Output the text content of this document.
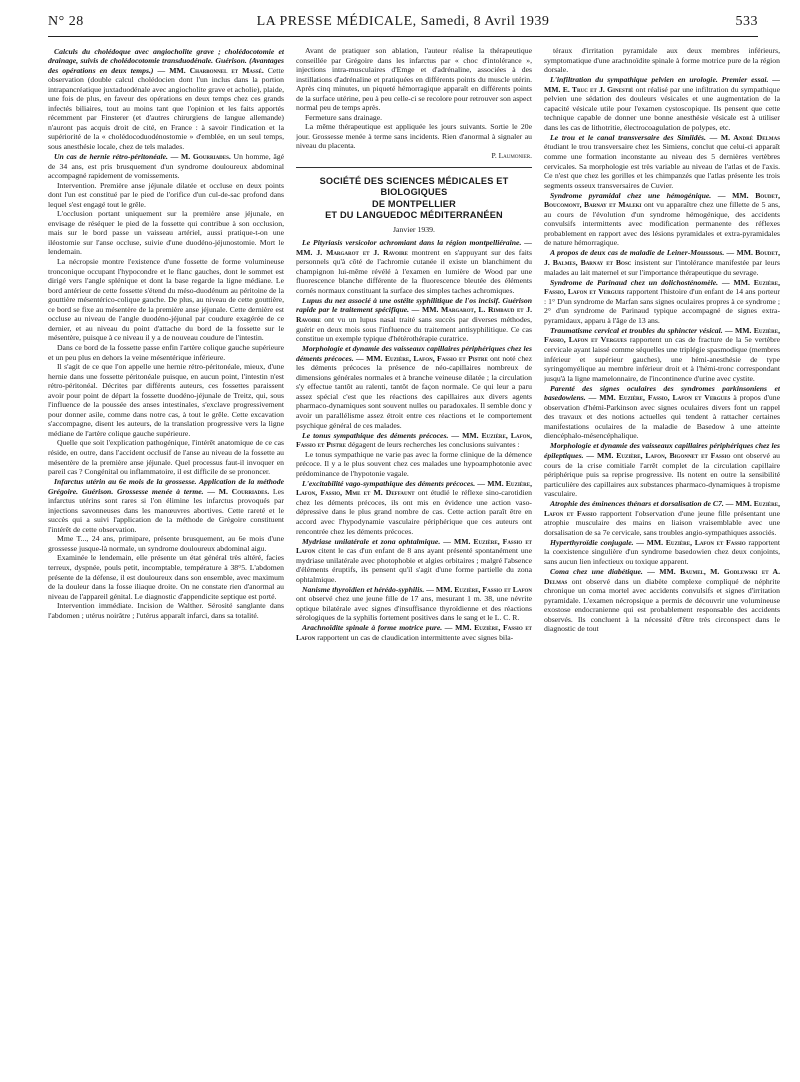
N° 28	LA PRESSE MÉDICALE, Samedi, 8 Avril 1939	533

Calculs du cholédoque avec angiocholite grave ; cholédocotomie et drainage, suivis de cholédocotomie transduodénale. Guérison. (Avantages des opérations en deux temps.) — MM. Charbonnel et Massé. Cette observation (double calcul cholédocien dont l'un inclus dans la portion intrapancréatique juxtaduodénale avec angiocholite grave et acholie), plaide, une fois de plus, en faveur des opérations en deux temps chez ces grands infectés biliaires, tout au moins tant que l'opinion et les faits apportés récemment par Finsterer (et d'autres chirurgiens de langue allemande) n'auront pas acquis droit de cité, en France : à savoir l'indication et la supériorité de la « cholédocoduodénostomie » d'emblée, en un seul temps, sous anesthésie locale, chez de tels malades.

Un cas de hernie rétro-péritonéale. — M. Gourriades. Un homme, âgé de 34 ans, est pris brusquement d'un syndrome douloureux abdominal accompagné rapidement de vomissements.

Intervention. Première anse jéjunale dilatée et occluse en deux points dont l'un est constitué par le pied de l'orifice d'un cul-de-sac profond dans lequel s'est engagé tout le grêle.

L'occlusion portant uniquement sur la première anse jéjunale, en envisage de réséquer le pied de la fossette qui contribue à son occlusion, mais sur le bord passe un vaisseau artériel, aussi pratique-t-on une iléostomie sur l'anse occluse, suivie d'une duodéno-jéjunostomie. Mort le lendemain.

La nécropsie montre l'existence d'une fossette de forme volumineuse tronconique occupant l'hypocondre et le flanc gauches, dont le sommet est dirigé vers l'angle splénique et dont la base regarde la ligne médiane. Le bord antérieur de cette fossette s'étend du méso-duodénum au péritoine de la gouttière mésentérico-colique gauche. De plus, au niveau de cette gouttière, ce bord se fixe au mésentère de la première anse jéjunale. Cette dernière est occluse au niveau de l'angle duodéno-jéjunal par coudure exagérée de ce dernier, et au niveau du point d'attache du bord de la fossette sur le mésentère, puisque à ce niveau il y a de nouveau coudure de l'intestin.

Dans ce bord de la fossette passe enfin l'artère colique gauche supérieure et un peu plus en dehors la veine mésentérique inférieure.

Il s'agit de ce que l'on appelle une hernie rétro-péritonéale, mieux, d'une hernie dans une fossette péritonéale puisque, en aucun point, l'intestin n'est rétro-péritonéal. Décrites par différents auteurs, ces fossettes paraissent avoir pour point de départ la fossette duodéno-jéjunale de Treitz, qui, sous l'influence de la poussée des anses intestinales, s'exclave progressivement pour donner asile, comme dans notre cas, à tout le grêle. Cette excavation s'accompagne, disent les auteurs, de la translation progressive vers la ligne médiane de l'artère colique gauche supérieure.

Quelle que soit l'explication pathogénique, l'intérêt anatomique de ce cas réside, en outre, dans l'accident occlusif de l'anse au niveau de la fossette au mésentère de la première anse jéjunale. Quel processus faut-il invoquer en pareil cas ? Congénital ou inflammatoire, il est difficile de se prononcer.

Infarctus utérin au 6e mois de la grossesse. Application de la méthode Grégoire. Guérison. Grossesse menée à terme. — M. Courriades. Les infarctus utérins sont rares si l'on élimine les infarctus provoqués par injections savonneuses dans les manœuvres abortives. Cette rareté et le succès qui a suivi l'application de la méthode de Grégoire constituent l'intérêt de cette observation.

Mme T..., 24 ans, primipare, présente brusquement, au 6e mois d'une grossesse jusque-là normale, un syndrome douloureux abdominal aigu.

Examinée le lendemain, elle présente un état général très altéré, facies terreux, dyspnée, pouls petit, incomptable, température à 38°5. L'abdomen présente de la défense, il est douloureux dans son ensemble, avec maximum de la douleur dans la fosse iliaque droite. On ne constate rien d'anormal au niveau de l'appareil génital. Le diagnostic d'appendicite septique est porté.

Intervention immédiate. Incision de Walther. Sérosité sanglante dans l'abdomen ; utérus noirâtre ; l'utérus apparaît infarci, dans sa totalité.

Avant de pratiquer son ablation, l'auteur réalise la thérapeutique conseillée par Grégoire dans les infarctus par « choc d'intolérance », injections intra-musculaires d'Emge et d'adrénaline, associées à des instillations d'adrénaline et pratiquées en différents points du muscle utérin. Après cinq minutes, un piqueté hémorragique apparaît en différents points de la surface utérine, peu à peu celle-ci se recolore pour retrouver son aspect normal peu de temps après.

Fermeture sans drainage.

La même thérapeutique est appliquée les jours suivants. Sortie le 20e jour. Grossesse menée à terme sans incidents. Rien d'anormal à signaler au niveau du placenta.

P. Laumonier.

SOCIÉTÉ DES SCIENCES MÉDICALES ET BIOLOGIQUES
DE MONTPELLIER
ET DU LANGUEDOC MÉDITERRANÉEN
Janvier 1939.

Le Pityriasis versicolor achromiant dans la région montpelliéraine. — MM. J. Margarot et J. Ravoire montrent en s'appuyant sur des faits personnels qu'à côté de l'achromie cutanée il existe un blanchiment du champignon lui-même révélé à l'examen en lumière de Wood par une fluorescence blanche différente de la fluorescence bleutée des éléments cornés normaux constituant la surface des simples taches achromiques.

Lupus du nez associé à une ostéite syphilitique de l'os incisif. Guérison rapide par le traitement spécifique. — MM. Margarot, L. Rimbaud et J. Ravoire ont vu un lupus nasal traité sans succès par diverses méthodes, guérir en deux mois sous l'influence du traitement antisyphilitique. Ce cas constitue un exemple typique d'hétérothérapie curatrice.

Morphologie et dynamie des vaisseaux capillaires périphériques chez les déments précoces. — MM. Euzière, Lafon, Fassio et Pistre ont noté chez les déments précoces la présence de néo-capillaires nombreux de dimensions générales normales et à branche veineuse dilatée ; la circulation s'y effectue tantôt au ralenti, tantôt de façon normale. Ce qui leur a paru assez spécial c'est que les réactions des capillaires aux divers agents pharmaco-dynamiques sont souvent nulles ou paradoxales. Il semble donc y avoir un parallélisme assez étroit entre ces réactions et le comportement psychique général de ces malades.

Le tonus sympathique des déments précoces. — MM. Euzière, Lafon, Fassio et Pistre dégagent de leurs recherches les conclusions suivantes :

Le tonus sympathique ne varie pas avec la forme clinique de la démence précoce. Il y a le plus souvent chez ces malades une hypoamphotonie avec prédominance de l'hypotonie vagale.

L'excitabilité vago-sympathique des déments précoces. — MM. Euzière, Lafon, Fassio, Mme et M. Deffaunt ont étudié le réflexe sino-carotidien chez les déments précoces, ils ont mis en évidence une action vaso-dépressive dans le plus grand nombre de cas. Cette action paraît être en accord avec l'hypodynamie vasculaire périphérique que ces auteurs ont rencontrée chez les déments précoces.

Mydriase unilatérale et zona ophtalmique. — MM. Euzière, Fassio et Lafon citent le cas d'un enfant de 8 ans ayant présenté spontanément une mydriase unilatérale avec photophobie et algies orbitaires ; malgré l'absence d'éléments éruptifs, ils pensent qu'il s'agit d'une forme partielle du zona ophtalmique.

Nanisme thyroïdien et hérédo-syphilis. — MM. Euzière, Fassio et Lafon ont observé chez une jeune fille de 17 ans, mesurant 1 m. 38, une névrite optique bilatérale avec signes d'insuffisance thyroïdienne et des réactions sérologiques de la syphilis fortement positives dans le sang et le L. C. R.

Arachnoïdite spinale à forme motrice pure. — MM. Euzière, Fassio et Lafon rapportent un cas de claudication intermittente avec signes bila-

téraux d'irritation pyramidale aux deux membres inférieurs, symptomatique d'une arachnoïdite spinale à forme motrice pure de la région dorsale.

L'infiltration du sympathique pelvien en urologie. Premier essai. — MM. E. Truc et J. Ginestié ont réalisé par une infiltration du sympathique pelvien une sédation des douleurs vésicales et une augmentation de la capacité vésicale utile pour l'examen cystoscopique. Ils pensent que cette technique capable de donner une bonne anesthésie vésicale est à utiliser dans les cas de lithotritie, électrocoagulation de polypes, etc.

Le trou et le canal transversaire des Simiidés. — M. André Delmas étudiant le trou transversaire chez les Simiens, conclut que celui-ci apparaît comme une formation inconstante au niveau des 5 dernières vertèbres cervicales. Sa morphologie est très variable au niveau de l'atlas et de l'axis. Ce n'est que chez les gorilles et les chimpanzés que l'atlas présente les trois segments osseux transversaires de Cuvier.

Syndrome pyramidal chez une hémogénique. — MM. Boudet, Boucomont, Barnay et Maleki ont vu apparaître chez une fillette de 5 ans, au cours de l'évolution d'un syndrome hémogénique, des accidents convulsifs intermittents avec modification permanente des réflexes probablement en rapport avec des lésions pyramidales et extra-pyramidales de nature hémorragique.

A propos de deux cas de maladie de Leiner-Moussous. — MM. Boudet, J. Balmes, Barnay et Bosc insistent sur l'intolérance manifestée par leurs malades au lait maternel et sur l'importance thérapeutique du sevrage.

Syndrome de Parinaud chez un dolichosténomèle. — MM. Euzière, Fassio, Lafon et Vergues rapportent l'histoire d'un enfant de 14 ans porteur : 1° D'un syndrome de Marfan sans signes oculaires propres à ce syndrome ; 2° d'un syndrome de Parinaud typique accompagné de signes extra-pyramidaux, apparu à l'âge de 13 ans.

Traumatisme cervical et troubles du sphincter vésical. — MM. Euzière, Fassio, Lafon et Vergues rapportent un cas de fracture de la 5e vertèbre cervicale ayant laissé comme séquelles une triplégie spasmodique (membres inférieur et supérieur gauches), une hémi-anesthésie de type syringomyélique au membre inférieur droit et à l'hémi-tronc correspondant jusqu'à la ligne mamelonnaire, de l'incontinence d'urine avec cystite.

Parenté des signes oculaires des syndromes parkinsoniens et basedowiens. — MM. Euzière, Fassio, Lafon et Vergues à propos d'une observation d'hémi-Parkinson avec signes oculaires divers font un rappel des travaux et des notions actuelles qui tendent à rattacher certaines manifestations oculaires de la maladie de Basedow à une atteinte diencéphalo-mésencéphalique.

Morphologie et dynamie des vaisseaux capillaires périphériques chez les épileptiques. — MM. Euzière, Lafon, Bigonnet et Fassio ont observé au cours de la crise comitiale l'arrêt complet de la circulation capillaire périphérique puis sa reprise progressive. Ils notent en outre la sensibilité particulière des capillaires aux substances pharmaco-dynamiques à tropisme vasculaire.

Atrophie des éminences thénars et dorsalisation de C7. — MM. Euzière, Lafon et Fassio rapportent l'observation d'une jeune fille présentant une atrophie musculaire des mains en liaison vraisemblable avec une dorsalisation de sa 7e cervicale, sans troubles angio-sympathiques associés.

Hyperthyroïdie conjugale. — MM. Euzière, Lafon et Fassio rapportent la coexistence singulière d'un syndrome basedowien chez deux conjoints, sans aucun lien infectieux ou toxique apparent.

Coma chez une diabétique. — MM. Baumel, M. Godlewski et A. Delmas ont observé dans un diabète complexe compliqué de néphrite chronique un coma mortel avec accidents convulsifs et signes d'irritation pyramidale. L'examen nécropsique a permis de découvrir une volumineuse exostose endocranienne qui est probablement responsable des accidents observés. Ils concluent à la nécessité d'être très circonspect dans le diagnostic de tout
